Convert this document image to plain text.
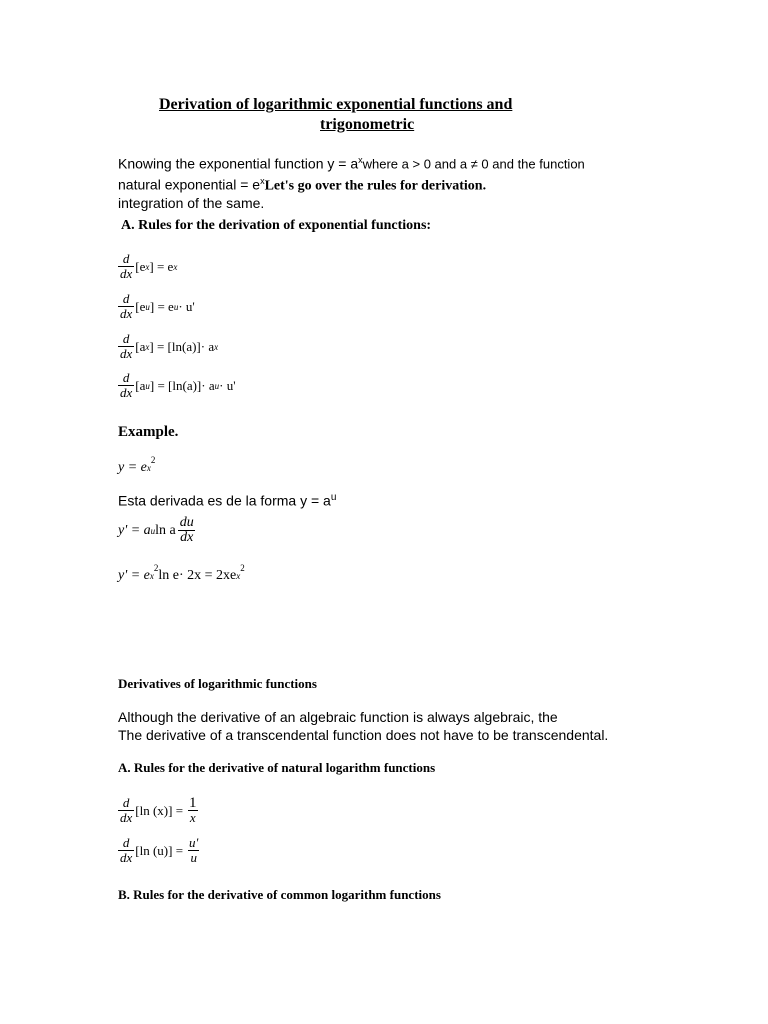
Derivation of logarithmic exponential functions and
trigonometric
Knowing the exponential function $y = a^xwhere$ a > 0 and a ≠ 0 and the function
natural exponential = $e^xLet's$ go over the rules for derivation.
integration of the same.
A. Rules for the derivation of exponential functions:
$\frac{d}{dx} [e$ x ] = e x
$\frac{d}{dx} [e$ u ] = e u · u'
$\frac{d}{dx} [a$ x ] = [ln(a)]· a x
$\frac{d}{dx} [a$ u ] = [ln(a)]· a u · u'
Example.
y = e x
$^2$
Esta derivada es de la forma $y = a^u$
y' = a u ln a $\frac{du}{dx}$
y' = e x
$^2$ ln e· 2x = 2xe x
$^2$
Derivatives of logarithmic functions
Although the derivative of an algebraic function is always algebraic, the
The derivative of a transcendental function does not have to be transcendental.
A. Rules for the derivative of natural logarithm functions
$\frac{d}{dx} [\ln$ $(x)] = \frac{1}{x}$
$\frac{d}{dx} [\ln$ $(u)] = \frac{u'}{u}$
B. Rules for the derivative of common logarithm functions
